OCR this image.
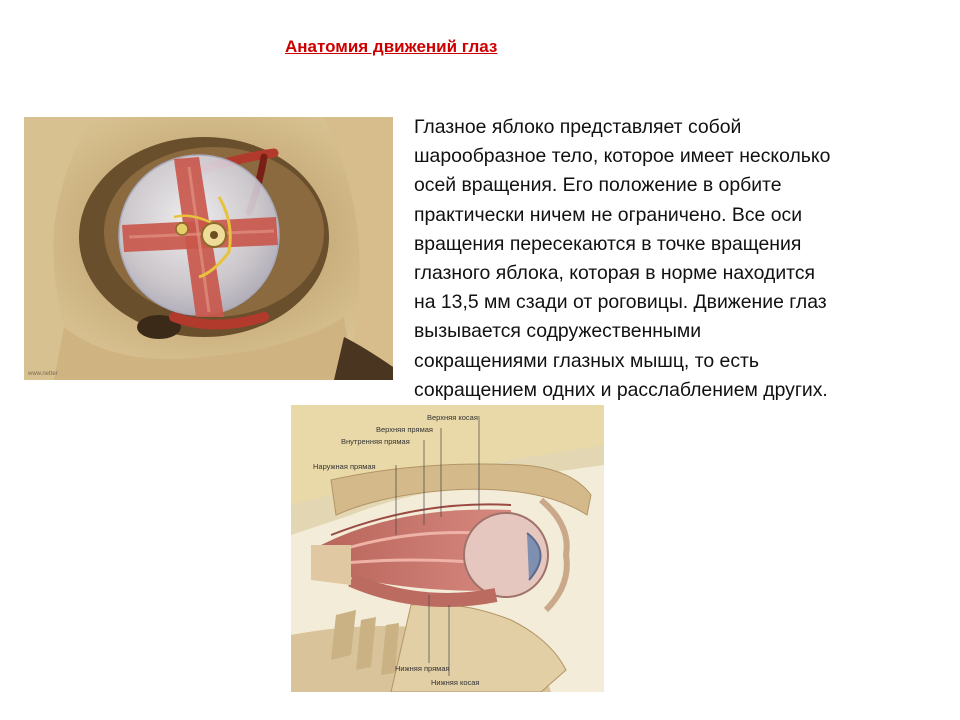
Анатомия движений глаз
Глазное яблоко представляет собой
шарообразное тело, которое имеет несколько
осей вращения. Его положение в орбите
практически ничем не ограничено. Все оси
вращения пересекаются в точке вращения
глазного яблока, которая в норме находится
на 13,5 мм сзади от роговицы. Движение глаз
вызывается содружественными
сокращениями глазных мышц, то есть
сокращением одних и расслаблением других.
www.netter
Наружная прямая
Внутренняя прямая
Верхняя прямая
Верхняя косая
Нижняя прямая
Нижняя косая
